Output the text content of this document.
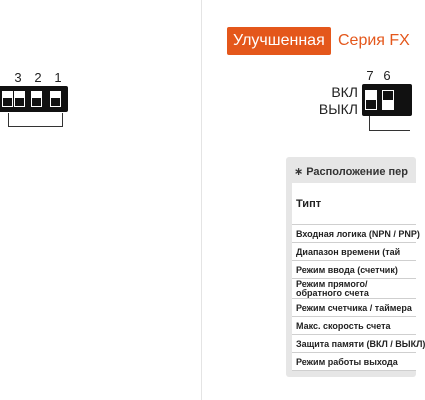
3 2 1
Улучшенная Серия FX
ВКЛ
ВЫКЛ
7 6
∗ Расположение пер
Типт
Входная логика (NPN / PNP)
Диапазон времени (тай
Режим ввода (счетчик)
Режим прямого/обратного счета
Режим счетчика / таймера
Макс. скорость счета
Защита памяти (ВКЛ / ВЫКЛ)
Режим работы выхода
